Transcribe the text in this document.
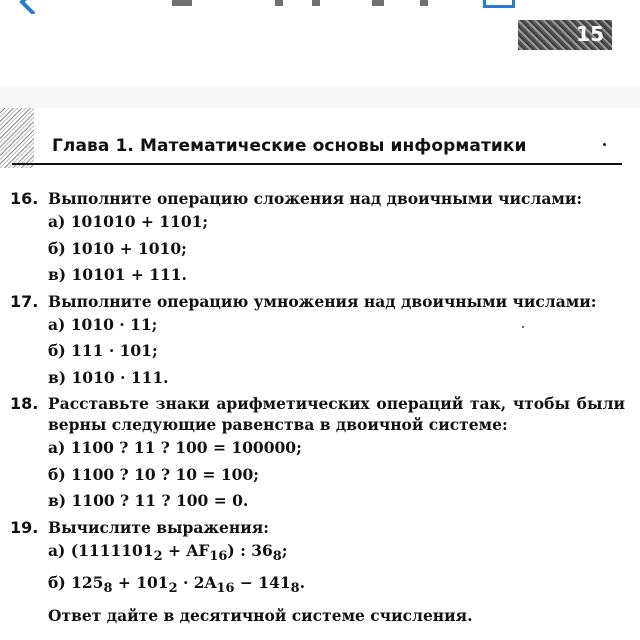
15
Глава 1. Математические основы информатики
16. Выполните операцию сложения над двоичными числами:
а) 101010 + 1101;
б) 1010 + 1010;
в) 10101 + 111.
17. Выполните операцию умножения над двоичными числами:
а) 1010 · 11;
б) 111 · 101;
в) 1010 · 111.
18. Расставьте знаки арифметических операций так, чтобы были
верны следующие равенства в двоичной системе:
а) 1100 ? 11 ? 100 = 100000;
б) 1100 ? 10 ? 10 = 100;
в) 1100 ? 11 ? 100 = 0.
19. Вычислите выражения:
а) $(1111101_2 + AF_{16})$ : $36_8$;
б) $125_8 + 101_2 \cdot 2A_{16} - 141_8$.
Ответ дайте в десятичной системе счисления.
